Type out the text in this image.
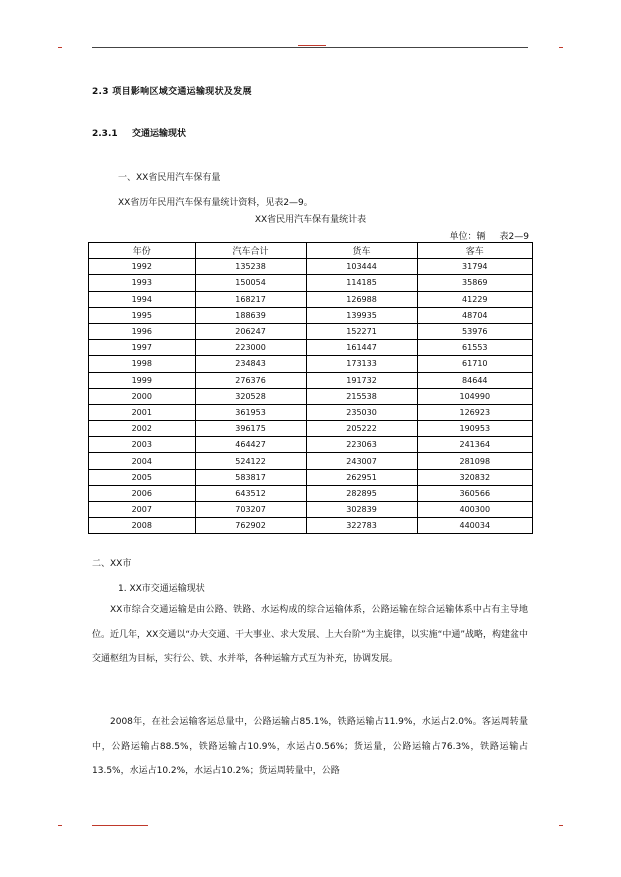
2.3 项目影响区域交通运输现状及发展
2.3.1 交通运输现状
一、XX省民用汽车保有量
XX省历年民用汽车保有量统计资料，见表2—9。
XX省民用汽车保有量统计表
单位：辆 表2—9
年份	汽车合计	货车	客车
1992	135238	103444	31794
1993	150054	114185	35869
1994	168217	126988	41229
1995	188639	139935	48704
1996	206247	152271	53976
1997	223000	161447	61553
1998	234843	173133	61710
1999	276376	191732	84644
2000	320528	215538	104990
2001	361953	235030	126923
2002	396175	205222	190953
2003	464427	223063	241364
2004	524122	243007	281098
2005	583817	262951	320832
2006	643512	282895	360566
2007	703207	302839	400300
2008	762902	322783	440034
二、XX市
1. XX市交通运输现状
XX市综合交通运输是由公路、铁路、水运构成的综合运输体系，公路运输在综合运输体系中占有主导地位。近几年，XX交通以“办大交通、干大事业、求大发展、上大台阶”为主旋律，以实施“中通”战略，构建盆中交通枢纽为目标，实行公、铁、水并举，各种运输方式互为补充，协调发展。
2008年，在社会运输客运总量中，公路运输占85.1%，铁路运输占11.9%，水运占2.0%。客运周转量中，公路运输占88.5%，铁路运输占10.9%，水运占0.56%；货运量，公路运输占76.3%，铁路运输占13.5%，水运占10.2%，水运占10.2%；货运周转量中，公路
